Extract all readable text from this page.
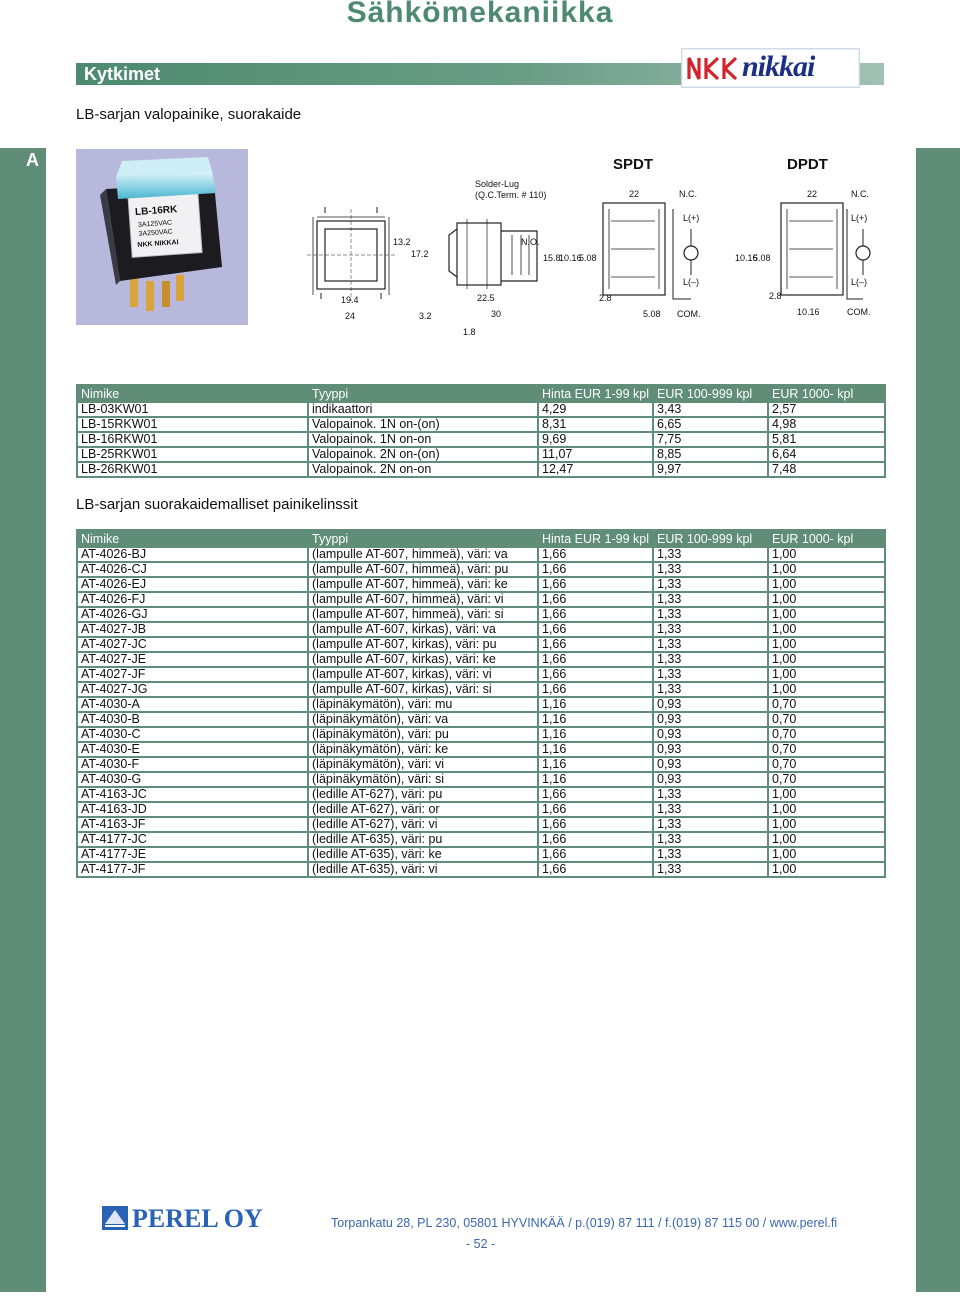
A
Sähkömekaniikka
Kytkimet	nikkai
LB-sarjan valopainike, suorakaide
LB-16RK
3A125VAC
3A250VAC
NKK NIKKAI
SPDT	DPDT
Solder-Lug
(Q.C.Term. # 110)
19.4
24
13.2
17.2
3.2
22.5
30
1.8
N.O.
15.8
10.16
5.08
22	N.C.
L(+)
L(–)
2.8
5.08 COM.
22	N.C.
L(+)
L(–)
2.8
10.16	COM.
10.16
5.08
Nimike	Tyyppi	Hinta EUR 1-99 kpl	EUR 100-999 kpl	EUR 1000- kpl
LB-03KW01	indikaattori	4,29	3,43	2,57
LB-15RKW01	Valopainok. 1N on-(on)	8,31	6,65	4,98
LB-16RKW01	Valopainok. 1N on-on	9,69	7,75	5,81
LB-25RKW01	Valopainok. 2N on-(on)	11,07	8,85	6,64
LB-26RKW01	Valopainok. 2N on-on	12,47	9,97	7,48
LB-sarjan suorakaidemalliset painikelinssit
Nimike	Tyyppi	Hinta EUR 1-99 kpl	EUR 100-999 kpl	EUR 1000- kpl
AT-4026-BJ	(lampulle AT-607, himmeä), väri: va	1,66	1,33	1,00
AT-4026-CJ	(lampulle AT-607, himmeä), väri: pu	1,66	1,33	1,00
AT-4026-EJ	(lampulle AT-607, himmeä), väri: ke	1,66	1,33	1,00
AT-4026-FJ	(lampulle AT-607, himmeä), väri: vi	1,66	1,33	1,00
AT-4026-GJ	(lampulle AT-607, himmeä), väri: si	1,66	1,33	1,00
AT-4027-JB	(lampulle AT-607, kirkas), väri: va	1,66	1,33	1,00
AT-4027-JC	(lampulle AT-607, kirkas), väri: pu	1,66	1,33	1,00
AT-4027-JE	(lampulle AT-607, kirkas), väri: ke	1,66	1,33	1,00
AT-4027-JF	(lampulle AT-607, kirkas), väri: vi	1,66	1,33	1,00
AT-4027-JG	(lampulle AT-607, kirkas), väri: si	1,66	1,33	1,00
AT-4030-A	(läpinäkymätön), väri: mu	1,16	0,93	0,70
AT-4030-B	(läpinäkymätön), väri: va	1,16	0,93	0,70
AT-4030-C	(läpinäkymätön), väri: pu	1,16	0,93	0,70
AT-4030-E	(läpinäkymätön), väri: ke	1,16	0,93	0,70
AT-4030-F	(läpinäkymätön), väri: vi	1,16	0,93	0,70
AT-4030-G	(läpinäkymätön), väri: si	1,16	0,93	0,70
AT-4163-JC	(ledille AT-627), väri: pu	1,66	1,33	1,00
AT-4163-JD	(ledille AT-627), väri: or	1,66	1,33	1,00
AT-4163-JF	(ledille AT-627), väri: vi	1,66	1,33	1,00
AT-4177-JC	(ledille AT-635), väri: pu	1,66	1,33	1,00
AT-4177-JE	(ledille AT-635), väri: ke	1,66	1,33	1,00
AT-4177-JF	(ledille AT-635), väri: vi	1,66	1,33	1,00
PEREL OY	Torpankatu 28, PL 230, 05801 HYVINKÄÄ / p.(019) 87 111 / f.(019) 87 115 00 / www.perel.fi
- 52 -
